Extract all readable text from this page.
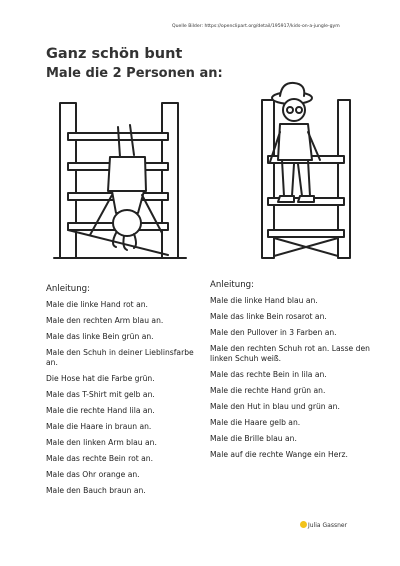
Quelle Bilder: https://openclipart.org/detail/195917/kids-on-a-jungle-gym
Ganz schön bunt

Male die 2 Personen an:

Anleitung:
Male die linke Hand rot an.
Male den rechten Arm blau an.
Male das linke Bein grün an.
Male den Schuh in deiner Lieblinsfarbe an.
Die Hose hat die Farbe grün.
Male das T-Shirt mit gelb an.
Male die rechte Hand lila an.
Male die Haare in braun an.
Male den linken Arm blau an.
Male das rechte Bein rot an.
Male das Ohr orange an.
Male den Bauch braun an.
Anleitung:
Male die linke Hand blau an.
Male das linke Bein rosarot an.
Male den Pullover in 3 Farben an.
Male den rechten Schuh rot an. Lasse den linken Schuh weiß.
Male das rechte Bein in lila an.
Male die rechte Hand grün an.
Male den Hut in blau und grün an.
Male die Haare gelb an.
Male die Brille blau an.
Male auf die rechte Wange ein Herz.
Julia Gassner
